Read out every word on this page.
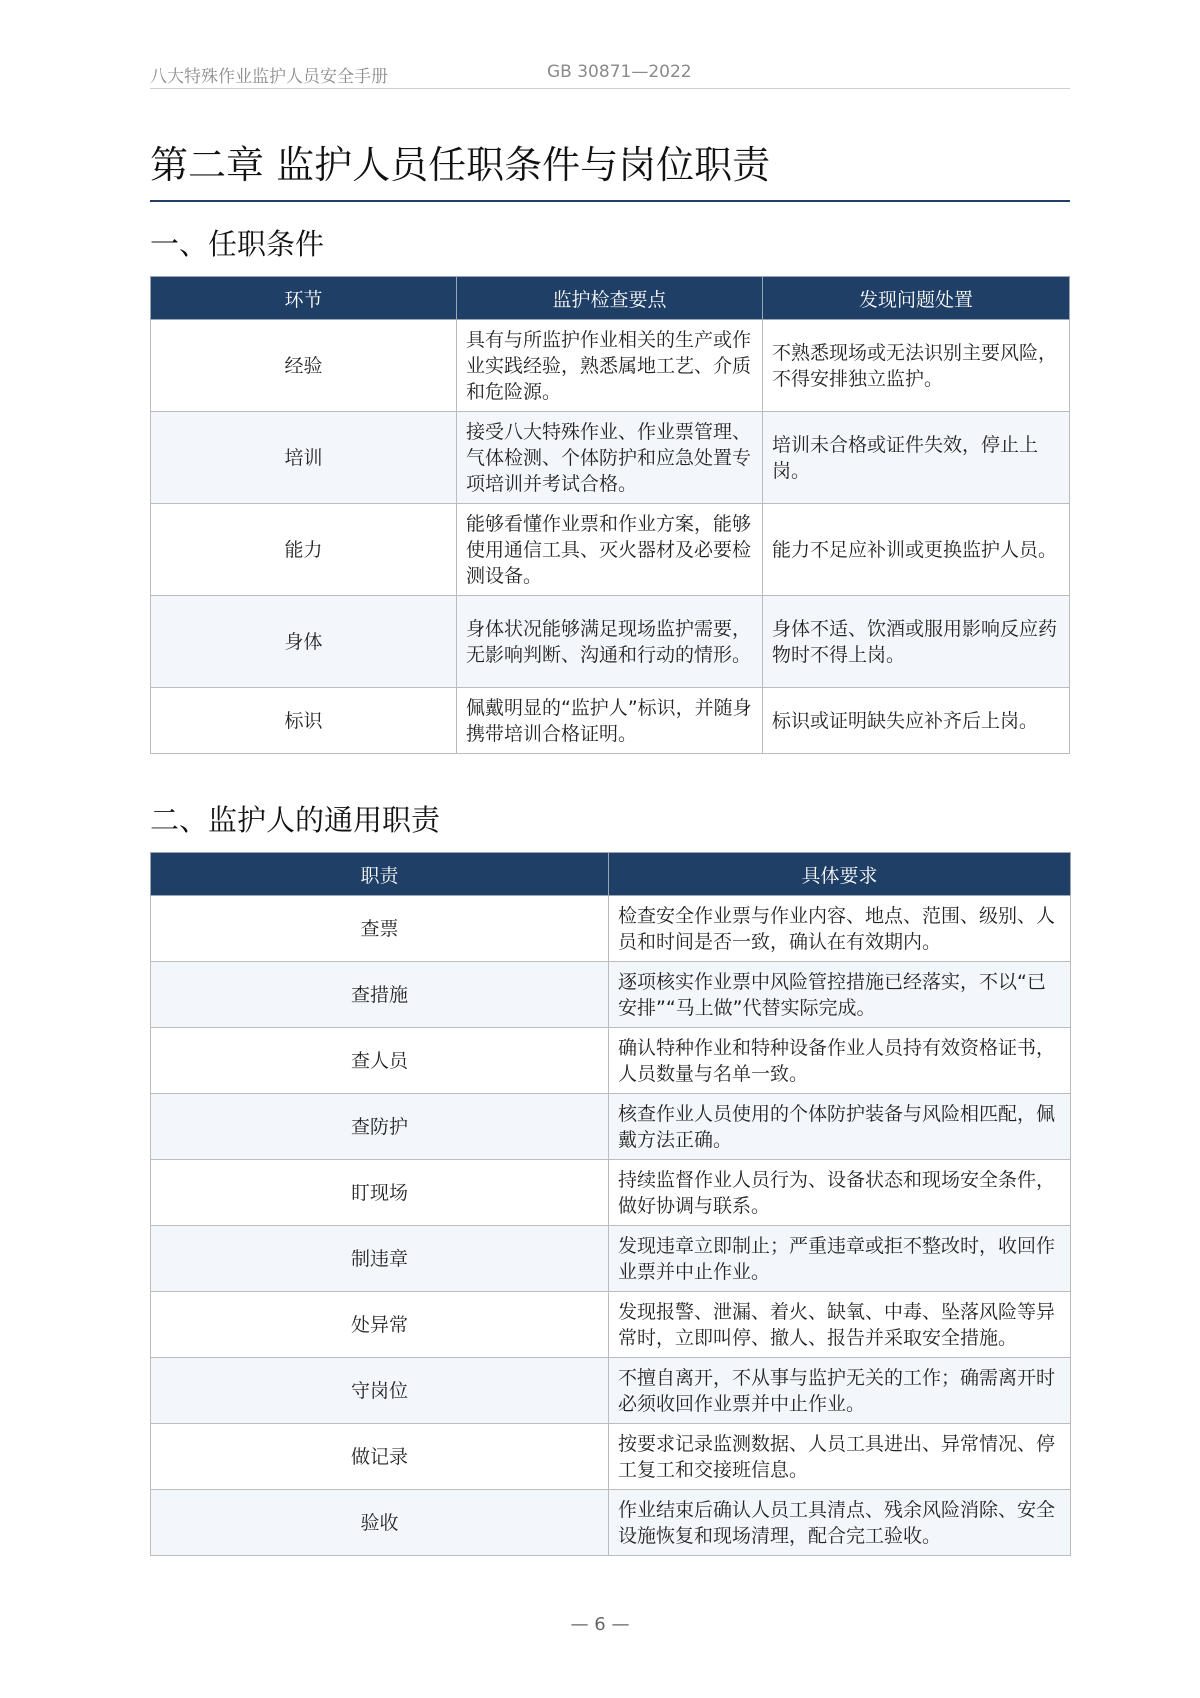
八大特殊作业监护人员安全手册	GB 30871—2022
第二章 监护人员任职条件与岗位职责
一、任职条件
环节	监护检查要点	发现问题处置
经验	具有与所监护作业相关的生产或作业实践经验，熟悉属地工艺、介质和危险源。	不熟悉现场或无法识别主要风险，不得安排独立监护。
培训	接受八大特殊作业、作业票管理、气体检测、个体防护和应急处置专项培训并考试合格。	培训未合格或证件失效，停止上岗。
能力	能够看懂作业票和作业方案，能够使用通信工具、灭火器材及必要检测设备。	能力不足应补训或更换监护人员。
身体	身体状况能够满足现场监护需要，无影响判断、沟通和行动的情形。	身体不适、饮酒或服用影响反应药物时不得上岗。
标识	佩戴明显的“监护人”标识，并随身携带培训合格证明。	标识或证明缺失应补齐后上岗。
二、监护人的通用职责
职责	具体要求
查票	检查安全作业票与作业内容、地点、范围、级别、人员和时间是否一致，确认在有效期内。
查措施	逐项核实作业票中风险管控措施已经落实，不以“已安排”“马上做”代替实际完成。
查人员	确认特种作业和特种设备作业人员持有效资格证书，人员数量与名单一致。
查防护	核查作业人员使用的个体防护装备与风险相匹配，佩戴方法正确。
盯现场	持续监督作业人员行为、设备状态和现场安全条件，做好协调与联系。
制违章	发现违章立即制止；严重违章或拒不整改时，收回作业票并中止作业。
处异常	发现报警、泄漏、着火、缺氧、中毒、坠落风险等异常时，立即叫停、撤人、报告并采取安全措施。
守岗位	不擅自离开，不从事与监护无关的工作；确需离开时必须收回作业票并中止作业。
做记录	按要求记录监测数据、人员工具进出、异常情况、停工复工和交接班信息。
验收	作业结束后确认人员工具清点、残余风险消除、安全设施恢复和现场清理，配合完工验收。
— 6 —
